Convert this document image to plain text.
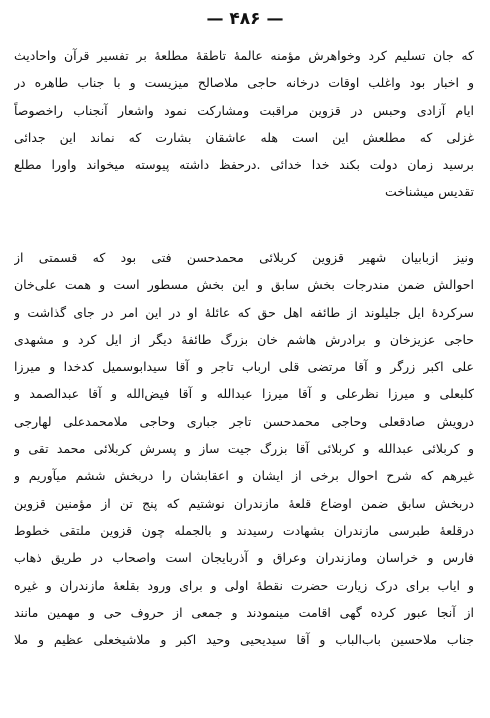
— ۴۸۶ —
که جان تسلیم کرد وخواهرش مؤمنه عالمهٔ تاطقهٔ مطلعهٔ بر تفسیر قرآن واحادیث
و اخبار بود واغلب اوقات درخانه حاجی ملاصالح میزیست و با جناب طاهره در
ایام آزادی وحبس در قزوین مراقبت ومشارکت نمود واشعار آنجناب راخصوصاً
غزلی که مطلعش این است هله عاشقان بشارت که نماند این جدائی
برسید زمان دولت بکند خدا خدائی .درحفظ داشته پیوسته میخواند واورا مطلع
تقدیس میشناخت
ونیز ازبابیان شهیر قزوین کربلائی محمدحسن فتی بود که قسمتی از
احوالش ضمن مندرجات بخش سابق و این بخش مسطور است و همت علی‌خان
سرکردهٔ ایل جلیلوند از طائفه اهل حق که عائلهٔ او در این امر در جای گذاشت و
حاجی عزیزخان و برادرش هاشم خان بزرگ طائفهٔ دیگر از ایل کرد و مشهدی
علی اکبر زرگر و آقا مرتضی قلی ارباب تاجر و آقا سیدابوسمیل کدخدا و میرزا
کلبعلی و میرزا نظرعلی و آقا میرزا عبدالله و آقا فیض‌الله و آقا عبدالصمد و
درویش صادقعلی وحاجی محمدحسن تاجر جباری وحاجی ملامحمدعلی لهارجی
و کربلائی عبدالله و کربلائی آقا بزرگ جیت ساز و پسرش کربلائی محمد تقی و
غیرهم که شرح احوال برخی از ایشان و اعقابشان را دربخش ششم میآوریم و
دربخش سابق ضمن اوضاع قلعهٔ مازندران نوشتیم که پنج تن از مؤمنین قزوین
درقلعهٔ طبرسی مازندران بشهادت رسیدند و بالجمله چون قزوین ملتقی خطوط
فارس و خراسان ومازندران وعراق و آذربایجان است واصحاب در طریق ذهاب
و ایاب برای درک زیارت حضرت نقطهٔ اولی و برای ورود بقلعهٔ مازندران و غیره
از آنجا عبور کرده گهی اقامت مینمودند و جمعی از حروف حی و مهمین مانند
جناب ملاحسین باب‌الباب و آقا سیدیحیی وحید اکبر و ملاشیخعلی عظیم و ملا
